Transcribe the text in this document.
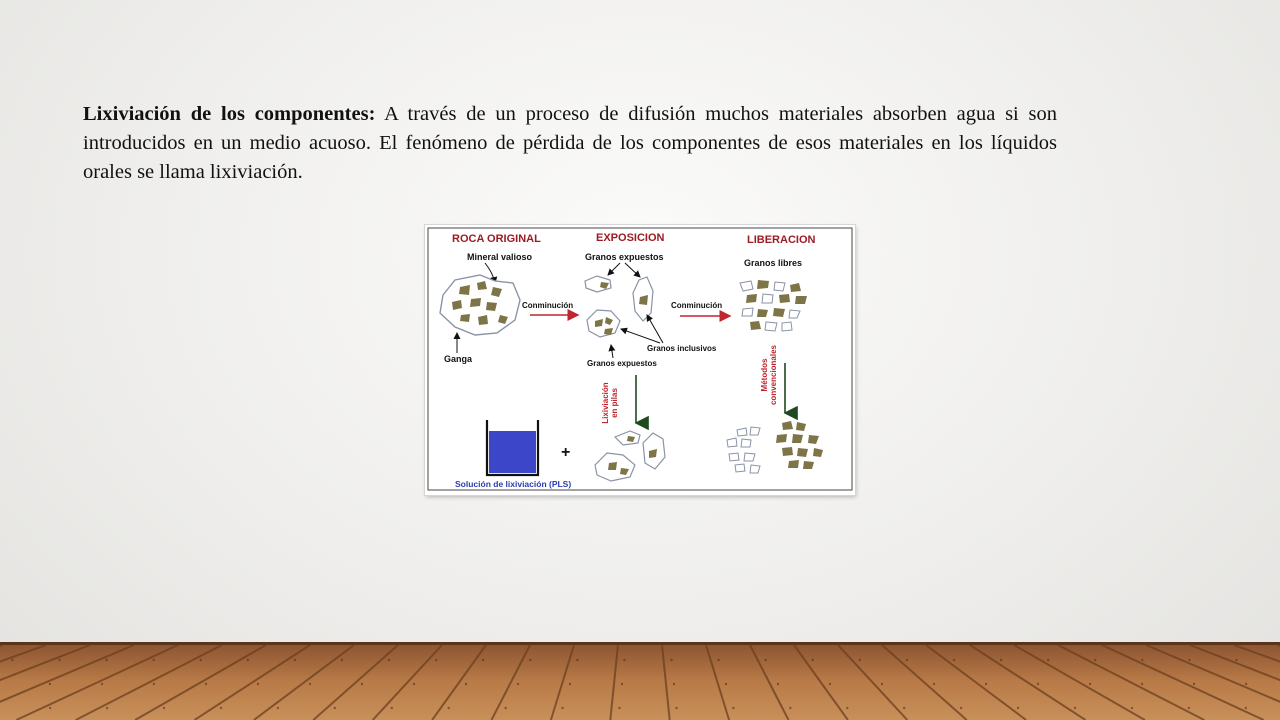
Lixiviación de los componentes: A través de un proceso de difusión muchos materiales absorben agua si son introducidos en un medio acuoso. El fenómeno de pérdida de los componentes de esos materiales en los líquidos orales se llama lixiviación.
ROCA ORIGINAL	EXPOSICION	LIBERACION
Mineral valioso
Ganga
Conminución
Granos expuestos
Granos inclusivos
Granos expuestos
Conminución
Granos libres
Lixiviación en pilas
Métodos convencionales
+
Solución de lixiviación (PLS)
